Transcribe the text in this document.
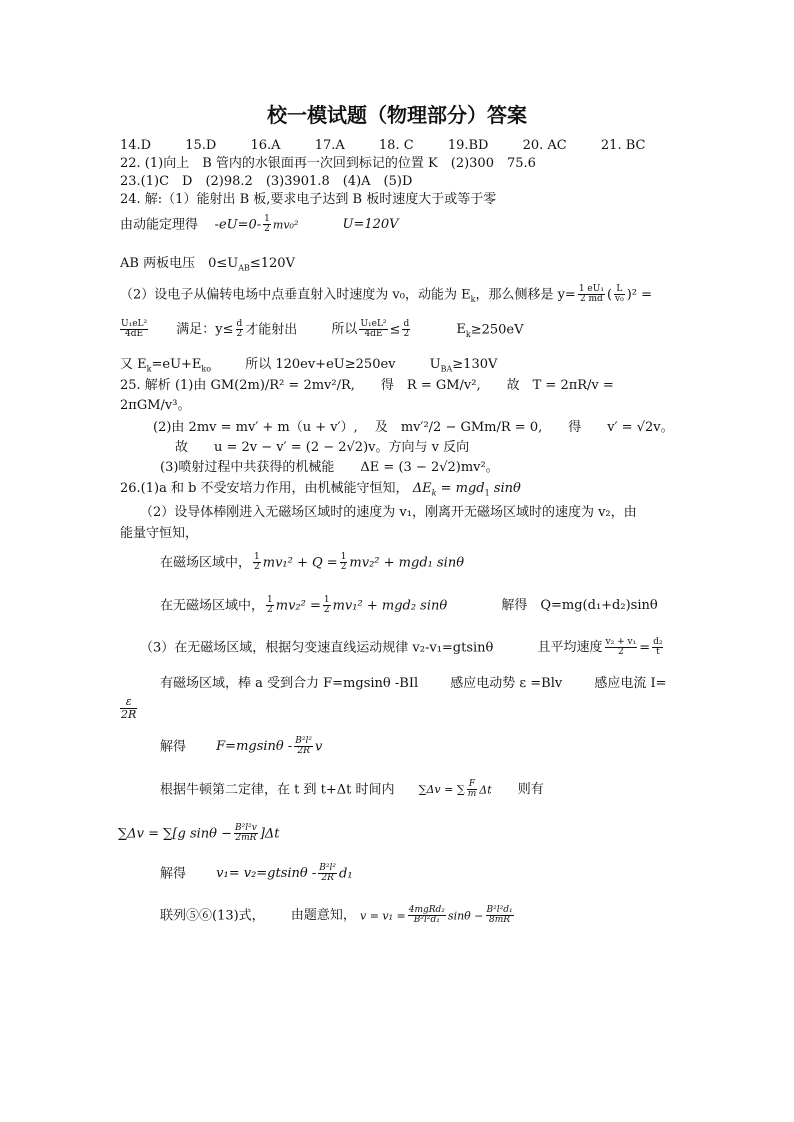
校一模试题（物理部分）答案
14.D	15.D	16.A	17.A	18. C	19.BD	20. AC	21. BC
22. (1)向上　B 管内的水银面再一次回到标记的位置 K　(2)300　75.6
23.(1)C　D　(2)98.2　(3)3901.8　(4)A　(5)D
24. 解:（1）能射出 B 板,要求电子达到 B 板时速度大于或等于零
由动能定理得 $-eU=0- \frac{1}{2} mv_0^2$	U=120V
AB 两板电压　$0\le U_{AB}\le 120V$
（2）设电子从偏转电场中点垂直射入时速度为 v₀，动能为 $E_k$，那么侧移是 $y= \frac{\text{1 eU₁}}{2 md}$ ( $\frac{L}{\text{v₀}} )^2$ =
$\frac{\text{U₁eL²}}{4dE}$ 满足：$y\le \frac{d}{2}$ 才能射出	所以 $\frac{\text{U₁eL²}}{4dE} \le \frac{d}{2}$	$E_k\ge 250eV$
又 $E_k=eU+E_{ko}$	所以 120ev+eU≥250ev	$U_{BA}\ge 130V$
25. 解析 (1)由 GM(2m)/R² = 2mv²/R,　　得　R = GM/v²,　　故　T = 2πR/v =
2πGM/v³。
(2)由 2mv = mv′ + m（u + v′）, 　及　mv′²/2 − GMm/R = 0,　　得　　v′ = √2v。
故　　u = 2v − v′ = (2 − 2√2)v。方向与 v 反向
(3)喷射过程中共获得的机械能　　ΔE = (3 − 2√2)mv²。
26.(1)a 和 b 不受安培力作用，由机械能守恒知， $\Delta E_k = mgd_1$ sinθ
（2）设导体棒刚进入无磁场区域时的速度为 v₁，刚离开无磁场区域时的速度为 v₂，由
能量守恒知，
在磁场区域中， $\frac{1}{2} mv_1^2 + Q = \frac{1}{2} mv_2^2 + mgd_1$ sinθ
在无磁场区域中， $\frac{1}{2} mv_2^2 = \frac{1}{2} mv_1^2 + mgd_2$ sinθ	解得　Q=mg(d₁+d₂)sinθ
（3）在无磁场区域，根据匀变速直线运动规律 v₂-v₁=gtsinθ	且平均速度 $\frac{\text{v₂ + v₁}}{2} = \frac{\text{d₂}}{t}$
有磁场区域，棒 a 受到合力 F=mgsinθ -BIl 感应电动势 ε =Blv 感应电流 I=
$\frac{\varepsilon}{2R}$
解得 $F=mgsin\theta - \frac{\text{B²l²}}{2R}$ v
根据牛顿第二定律，在 t 到 t+Δt 时间内 ∑Δv = ∑ $\frac{F}{m}$ Δt 则有
∑Δv = ∑[g $\sin\theta - \frac{\text{B²l²v}}{2mR} ]\Delta t$
解得 $v_1= v_2=gtsin\theta - \frac{\text{B²l²}}{2R} d_1$
联列⑤⑥(13)式， 由题意知， $v = v_1 = \frac{\text{4mgRd₂}}{\text{B²l²d₁}}$ $\sin\theta - \frac{\text{B²l²d₁}}{8mR}$
